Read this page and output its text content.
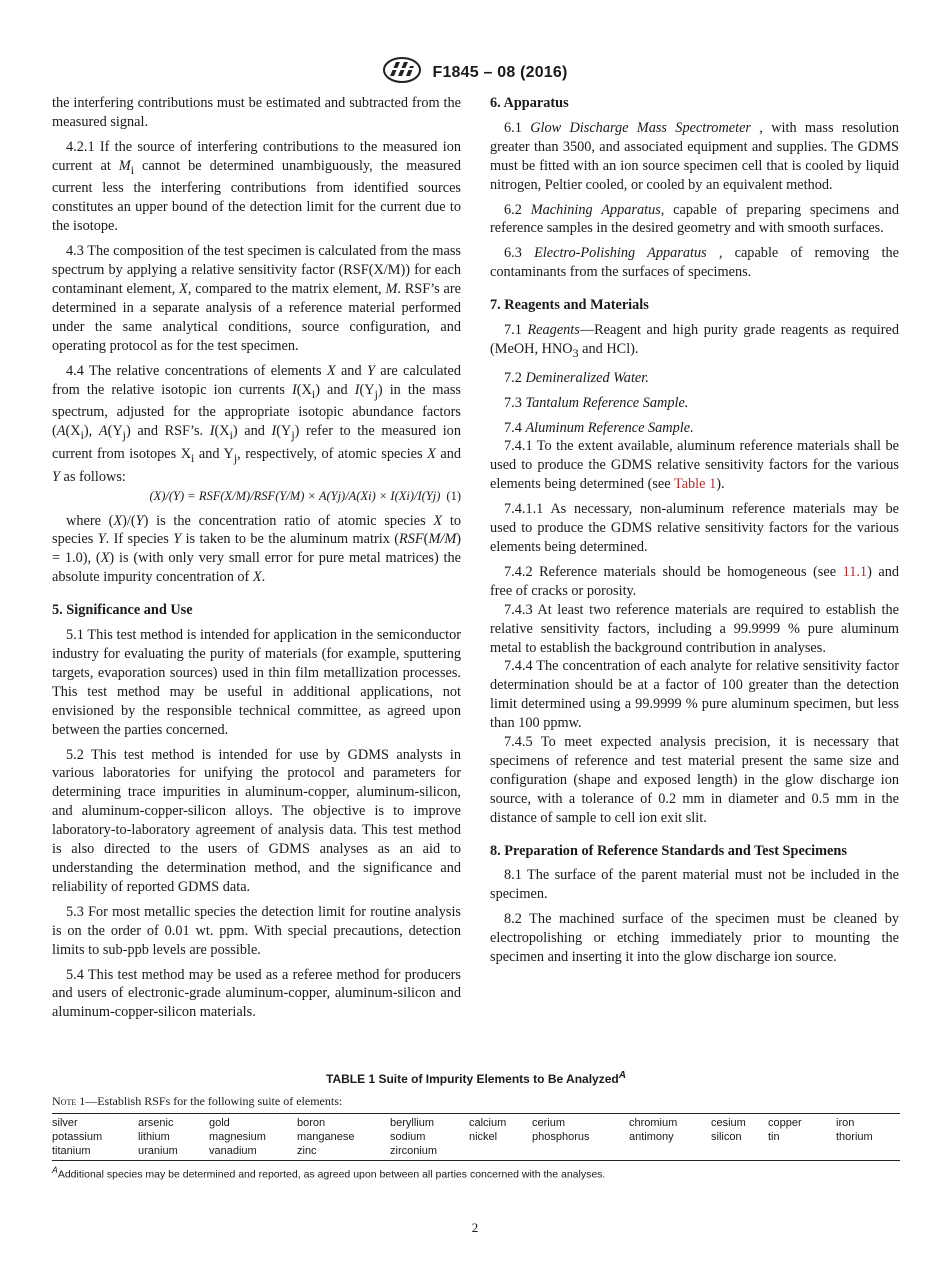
F1845 – 08 (2016)

the interfering contributions must be estimated and subtracted from the measured signal.

4.2.1 If the source of interfering contributions to the measured ion current at $M_i$ cannot be determined unambiguously, the measured current less the interfering contributions from identified sources constitutes an upper bound of the detection limit for the current due to the isotope.

4.3 The composition of the test specimen is calculated from the mass spectrum by applying a relative sensitivity factor (RSF(X/M)) for each contaminant element, X, compared to the matrix element, M. RSF’s are determined in a separate analysis of a reference material performed under the same analytical conditions, source configuration, and operating protocol as for the test specimen.

4.4 The relative concentrations of elements X and Y are calculated from the relative isotopic ion currents $I(X_i)$ and $I(Y_j)$ in the mass spectrum, adjusted for the appropriate isotopic abundance factors ($A(X_i)$, $A(Y_j)$ and RSF’s. $I(X_i)$ and $I(Y_j)$ refer to the measured ion current from isotopes $X_i$ and $Y_j$, respectively, of atomic species X and Y as follows:

(X)/(Y) = RSF(X/M)/RSF(Y/M) × A(Yj)/A(Xi) × I(Xi)/I(Yj) (1)

where (X)/(Y) is the concentration ratio of atomic species X to species Y. If species Y is taken to be the aluminum matrix (RSF(M/M) = 1.0), (X) is (with only very small error for pure metal matrices) the absolute impurity concentration of X.

5. Significance and Use

5.1 This test method is intended for application in the semiconductor industry for evaluating the purity of materials (for example, sputtering targets, evaporation sources) used in thin film metallization processes. This test method may be useful in additional applications, not envisioned by the responsible technical committee, as agreed upon between the parties concerned.

5.2 This test method is intended for use by GDMS analysts in various laboratories for unifying the protocol and parameters for determining trace impurities in aluminum-copper, aluminum-silicon, and aluminum-copper-silicon alloys. The objective is to improve laboratory-to-laboratory agreement of analysis data. This test method is also directed to the users of GDMS analyses as an aid to understanding the determination method, and the significance and reliability of reported GDMS data.

5.3 For most metallic species the detection limit for routine analysis is on the order of 0.01 wt. ppm. With special precautions, detection limits to sub-ppb levels are possible.

5.4 This test method may be used as a referee method for producers and users of electronic-grade aluminum-copper, aluminum-silicon and aluminum-copper-silicon materials.

6. Apparatus

6.1 Glow Discharge Mass Spectrometer , with mass resolution greater than 3500, and associated equipment and supplies. The GDMS must be fitted with an ion source specimen cell that is cooled by liquid nitrogen, Peltier cooled, or cooled by an equivalent method.

6.2 Machining Apparatus, capable of preparing specimens and reference samples in the desired geometry and with smooth surfaces.

6.3 Electro-Polishing Apparatus , capable of removing the contaminants from the surfaces of specimens.

7. Reagents and Materials

7.1 Reagents—Reagent and high purity grade reagents as required (MeOH, $HNO_3$ and HCl).

7.2 Demineralized Water.

7.3 Tantalum Reference Sample.

7.4 Aluminum Reference Sample.

7.4.1 To the extent available, aluminum reference materials shall be used to produce the GDMS relative sensitivity factors for the various elements being determined (see Table 1).

7.4.1.1 As necessary, non-aluminum reference materials may be used to produce the GDMS relative sensitivity factors for the various elements being determined.

7.4.2 Reference materials should be homogeneous (see 11.1) and free of cracks or porosity.

7.4.3 At least two reference materials are required to establish the relative sensitivity factors, including a 99.9999 % pure aluminum metal to establish the background contribution in analyses.

7.4.4 The concentration of each analyte for relative sensitivity factor determination should be at a factor of 100 greater than the detection limit determined using a 99.9999 % pure aluminum specimen, but less than 100 ppmw.

7.4.5 To meet expected analysis precision, it is necessary that specimens of reference and test material present the same size and configuration (shape and exposed length) in the glow discharge ion source, with a tolerance of 0.2 mm in diameter and 0.5 mm in the distance of sample to cell ion exit slit.

8. Preparation of Reference Standards and Test Specimens

8.1 The surface of the parent material must not be included in the specimen.

8.2 The machined surface of the specimen must be cleaned by electropolishing or etching immediately prior to mounting the specimen and inserting it into the glow discharge ion source.

TABLE 1 Suite of Impurity Elements to Be Analyzed$^A$
Note 1—Establish RSFs for the following suite of elements:
silver	arsenic	gold	boron	beryllium	calcium	cerium	chromium	cesium	copper	iron
potassium	lithium	magnesium	manganese	sodium	nickel	phosphorus	antimony	silicon	tin	thorium
titanium	uranium	vanadium	zinc	zirconium
$^A$Additional species may be determined and reported, as agreed upon between all parties concerned with the analyses.
2
